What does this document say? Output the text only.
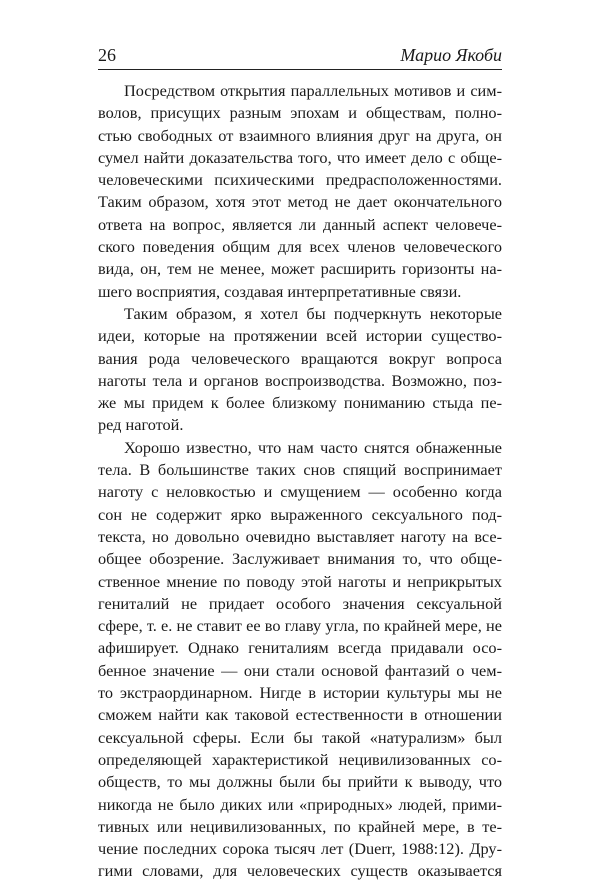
26	Марио Якоби
Посредством открытия параллельных мотивов и сим-
волов, присущих разным эпохам и обществам, полно-
стью свободных от взаимного влияния друг на друга, он
сумел найти доказательства того, что имеет дело с обще-
человеческими психическими предрасположенностями.
Таким образом, хотя этот метод не дает окончательного
ответа на вопрос, является ли данный аспект человече-
ского поведения общим для всех членов человеческого
вида, он, тем не менее, может расширить горизонты на-
шего восприятия, создавая интерпретативные связи.
Таким образом, я хотел бы подчеркнуть некоторые
идеи, которые на протяжении всей истории существо-
вания рода человеческого вращаются вокруг вопроса
наготы тела и органов воспроизводства. Возможно, поз-
же мы придем к более близкому пониманию стыда пе-
ред наготой.
Хорошо известно, что нам часто снятся обнаженные
тела. В большинстве таких снов спящий воспринимает
наготу с неловкостью и смущением — особенно когда
сон не содержит ярко выраженного сексуального под-
текста, но довольно очевидно выставляет наготу на все-
общее обозрение. Заслуживает внимания то, что обще-
ственное мнение по поводу этой наготы и неприкрытых
гениталий не придает особого значения сексуальной
сфере, т. е. не ставит ее во главу угла, по крайней мере, не
афиширует. Однако гениталиям всегда придавали осо-
бенное значение — они стали основой фантазий о чем-
то экстраординарном. Нигде в истории культуры мы не
сможем найти как таковой естественности в отношении
сексуальной сферы. Если бы такой «натурализм» был
определяющей характеристикой нецивилизованных со-
обществ, то мы должны были бы прийти к выводу, что
никогда не было диких или «природных» людей, прими-
тивных или нецивилизованных, по крайней мере, в те-
чение последних сорока тысяч лет (Duerr, 1988:12). Дру-
гими словами, для человеческих существ оказывается
